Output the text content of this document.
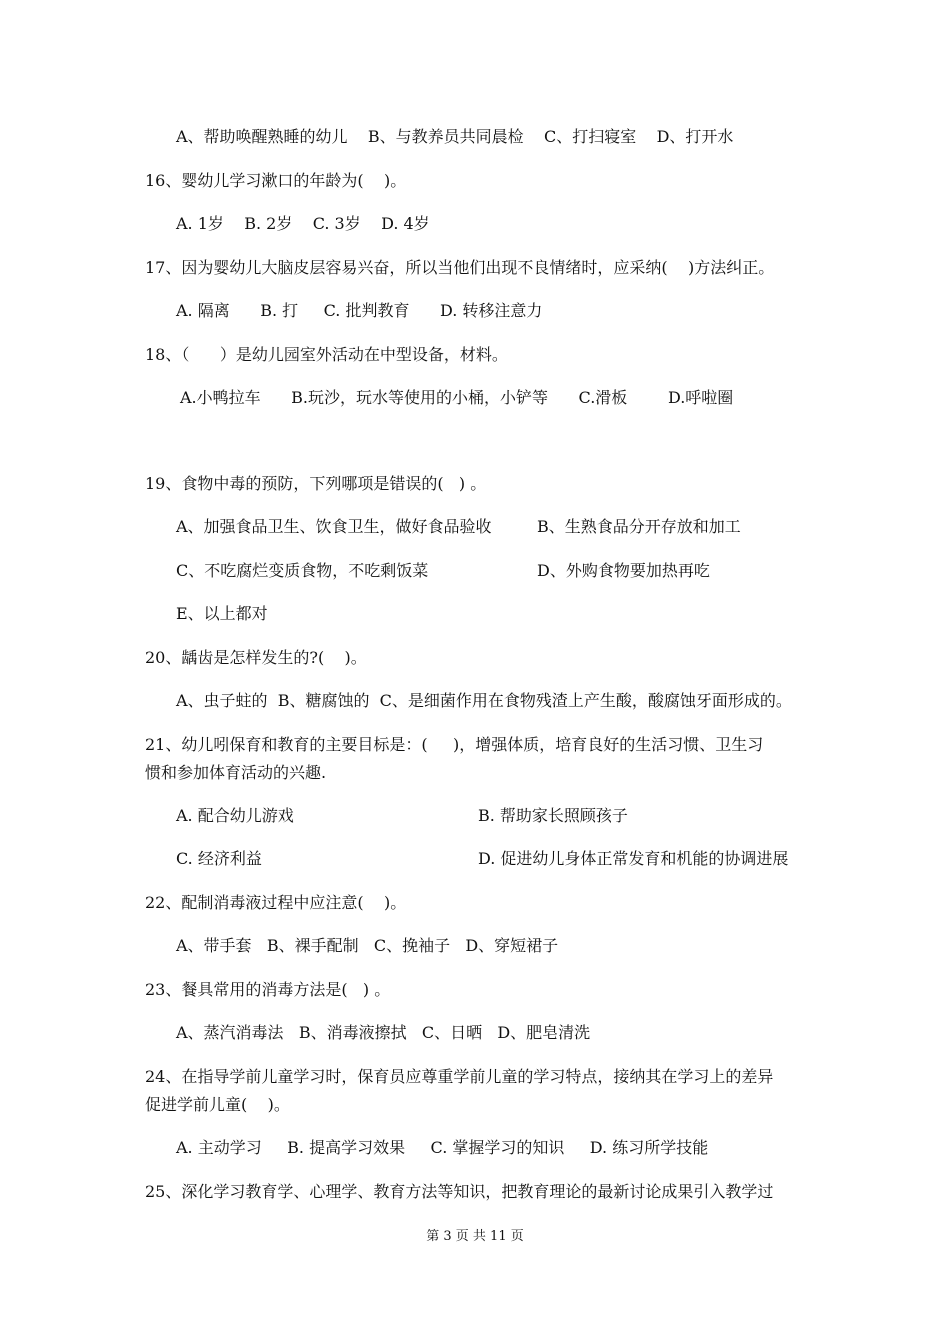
A、帮助唤醒熟睡的幼儿    B、与教养员共同晨检    C、打扫寝室    D、打开水
16、婴幼儿学习漱口的年龄为(    )。
A. 1岁    B. 2岁    C. 3岁    D. 4岁
17、因为婴幼儿大脑皮层容易兴奋，所以当他们出现不良情绪时，应采纳(    )方法纠正。
A. 隔离      B. 打     C. 批判教育      D. 转移注意力
18、（      ）是幼儿园室外活动在中型设备，材料。
A.小鸭拉车      B.玩沙，玩水等使用的小桶，小铲等      C.滑板        D.呼啦圈
19、食物中毒的预防，下列哪项是错误的(   ) 。
A、加强食品卫生、饮食卫生，做好食品验收	B、生熟食品分开存放和加工
C、不吃腐烂变质食物，不吃剩饭菜	D、外购食物要加热再吃
E、以上都对
20、龋齿是怎样发生的?(    )。
A、虫子蛀的  B、糖腐蚀的  C、是细菌作用在食物残渣上产生酸，酸腐蚀牙面形成的。
21、幼儿吲保育和教育的主要目标是：(     )，增强体质，培育良好的生活习惯、卫生习
惯和参加体育活动的兴趣.
A. 配合幼儿游戏	B. 帮助家长照顾孩子
C. 经济利益	D. 促进幼儿身体正常发育和机能的协调进展
22、配制消毒液过程中应注意(    )。
A、带手套   B、裸手配制   C、挽袖子   D、穿短裙子
23、餐具常用的消毒方法是(   ) 。
A、蒸汽消毒法   B、消毒液擦拭   C、日晒   D、肥皂清洗
24、在指导学前儿童学习时，保育员应尊重学前儿童的学习特点，接纳其在学习上的差异
促进学前儿童(    )。
A. 主动学习     B. 提高学习效果     C. 掌握学习的知识     D. 练习所学技能
25、深化学习教育学、心理学、教育方法等知识，把教育理论的最新讨论成果引入教学过
第 3 页 共 11 页
